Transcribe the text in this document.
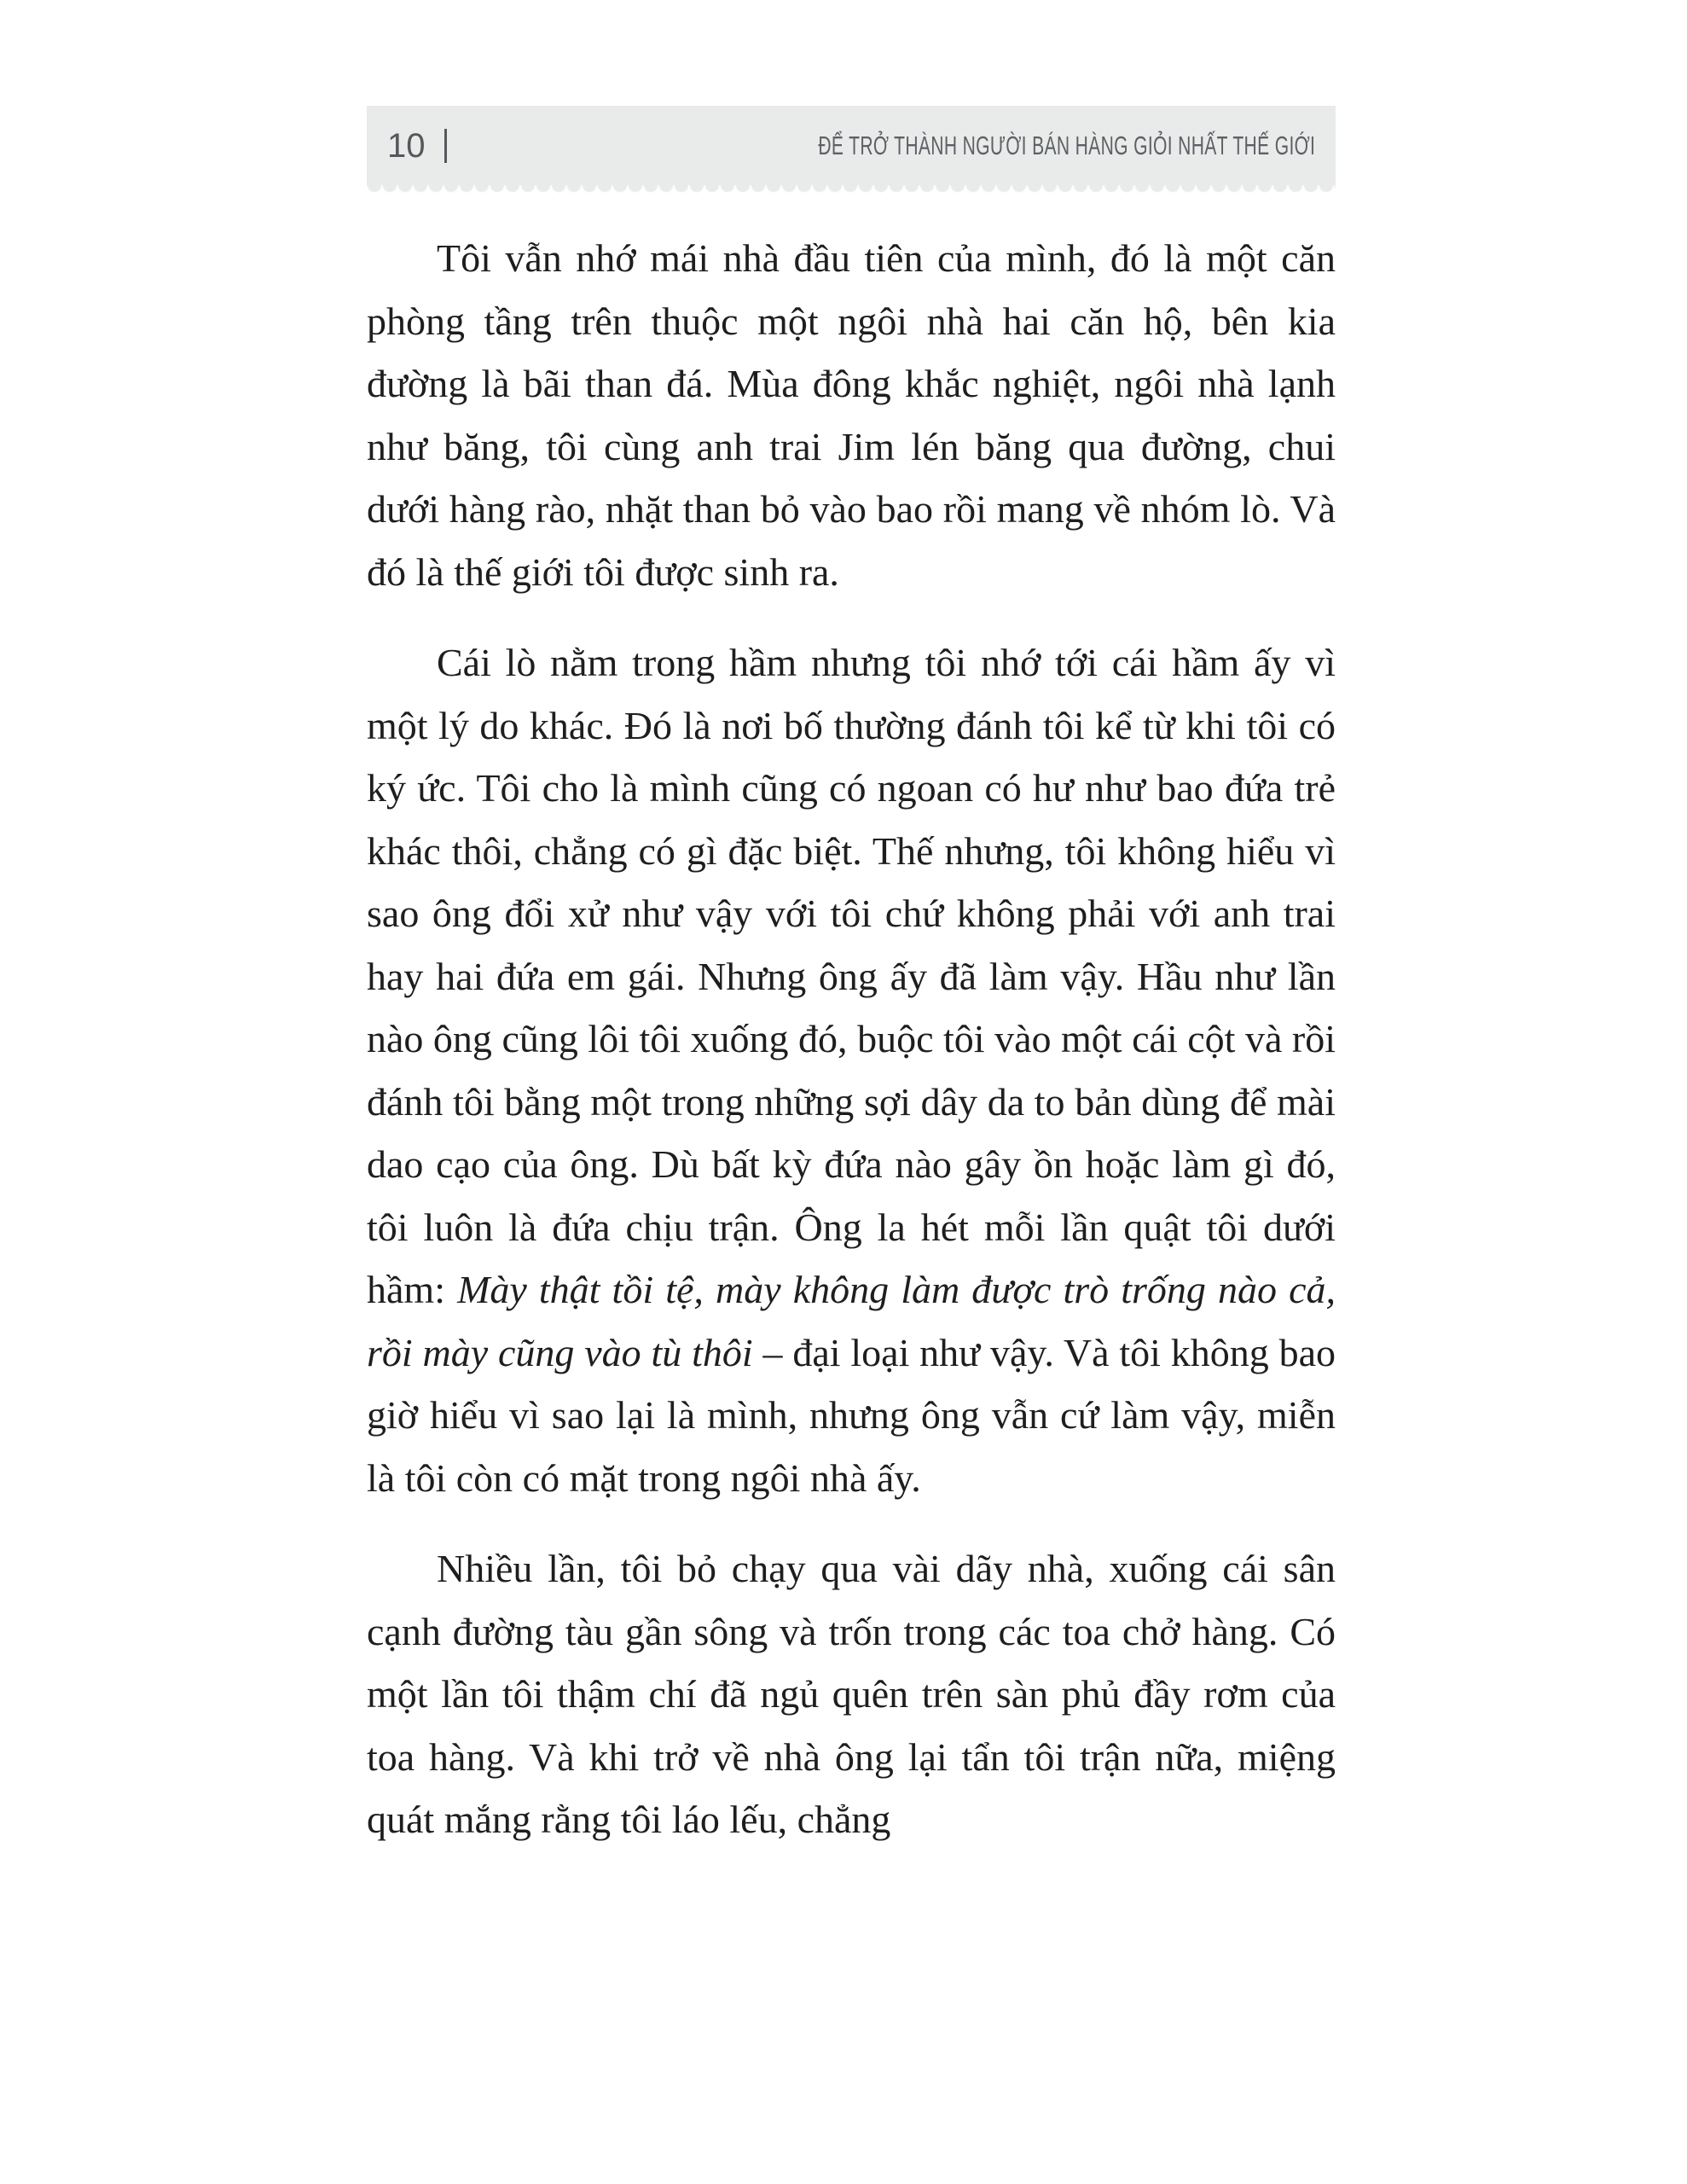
10	ĐỂ TRỞ THÀNH NGƯỜI BÁN HÀNG GIỎI NHẤT THẾ GIỚI

Tôi vẫn nhớ mái nhà đầu tiên của mình, đó là một căn phòng tầng trên thuộc một ngôi nhà hai căn hộ, bên kia đường là bãi than đá. Mùa đông khắc nghiệt, ngôi nhà lạnh như băng, tôi cùng anh trai Jim lén băng qua đường, chui dưới hàng rào, nhặt than bỏ vào bao rồi mang về nhóm lò. Và đó là thế giới tôi được sinh ra.

Cái lò nằm trong hầm nhưng tôi nhớ tới cái hầm ấy vì một lý do khác. Đó là nơi bố thường đánh tôi kể từ khi tôi có ký ức. Tôi cho là mình cũng có ngoan có hư như bao đứa trẻ khác thôi, chẳng có gì đặc biệt. Thế nhưng, tôi không hiểu vì sao ông đổi xử như vậy với tôi chứ không phải với anh trai hay hai đứa em gái. Nhưng ông ấy đã làm vậy. Hầu như lần nào ông cũng lôi tôi xuống đó, buộc tôi vào một cái cột và rồi đánh tôi bằng một trong những sợi dây da to bản dùng để mài dao cạo của ông. Dù bất kỳ đứa nào gây ồn hoặc làm gì đó, tôi luôn là đứa chịu trận. Ông la hét mỗi lần quật tôi dưới hầm: Mày thật tồi tệ, mày không làm được trò trống nào cả, rồi mày cũng vào tù thôi – đại loại như vậy. Và tôi không bao giờ hiểu vì sao lại là mình, nhưng ông vẫn cứ làm vậy, miễn là tôi còn có mặt trong ngôi nhà ấy.

Nhiều lần, tôi bỏ chạy qua vài dãy nhà, xuống cái sân cạnh đường tàu gần sông và trốn trong các toa chở hàng. Có một lần tôi thậm chí đã ngủ quên trên sàn phủ đầy rơm của toa hàng. Và khi trở về nhà ông lại tẩn tôi trận nữa, miệng quát mắng rằng tôi láo lếu, chẳng
